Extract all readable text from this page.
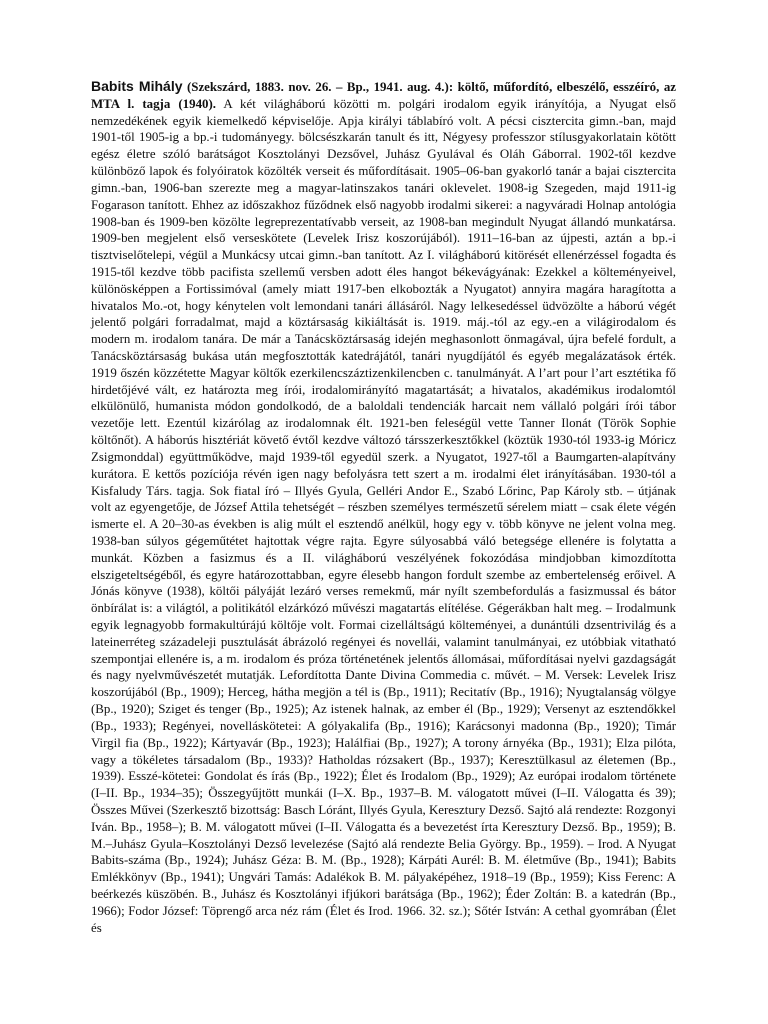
Babits Mihály (Szekszárd, 1883. nov. 26. – Bp., 1941. aug. 4.): költő, műfordító, elbeszélő, esszéíró, az MTA l. tagja (1940). A két világháború közötti m. polgári irodalom egyik irányítója, a Nyugat első nemzedékének egyik kiemelkedő képviselője. Apja királyi táblabíró volt. A pécsi cisztercita gimn.-ban, majd 1901-től 1905-ig a bp.-i tudományegy. bölcsészkarán tanult és itt, Négyesy professzor stílusgyakorlatain kötött egész életre szóló barátságot Kosztolányi Dezsővel, Juhász Gyulával és Oláh Gáborral. 1902-től kezdve különböző lapok és folyóiratok közölték verseit és műfordításait. 1905–06-ban gyakorló tanár a bajai cisztercita gimn.-ban, 1906-ban szerezte meg a magyar-latinszakos tanári oklevelet. 1908-ig Szegeden, majd 1911-ig Fogarason tanított. Ehhez az időszakhoz fűződnek első nagyobb irodalmi sikerei: a nagyváradi Holnap antológia 1908-ban és 1909-ben közölte legreprezentatívabb verseit, az 1908-ban megindult Nyugat állandó munkatársa. 1909-ben megjelent első verseskötete (Levelek Irisz koszorújából). 1911–16-ban az újpesti, aztán a bp.-i tisztviselőtelepi, végül a Munkácsy utcai gimn.-ban tanított. Az I. világháború kitörését ellenérzéssel fogadta és 1915-től kezdve több pacifista szellemű versben adott éles hangot békevágyának: Ezekkel a költeményeivel, különösképpen a Fortissimóval (amely miatt 1917-ben elkobozták a Nyugatot) annyira magára haragította a hivatalos Mo.-ot, hogy kénytelen volt lemondani tanári állásáról. Nagy lelkesedéssel üdvözölte a háború végét jelentő polgári forradalmat, majd a köztársaság kikiáltását is. 1919. máj.-tól az egy.-en a világirodalom és modern m. irodalom tanára. De már a Tanácsköztársaság idején meghasonlott önmagával, újra befelé fordult, a Tanácsköztársaság bukása után megfosztották katedrájától, tanári nyugdíjától és egyéb megalázatások érték. 1919 őszén közzétette Magyar költők ezerkilencszáztizenkilencben c. tanulmányát. A l’art pour l’art esztétika fő hirdetőjévé vált, ez határozta meg írói, irodalomirányító magatartását; a hivatalos, akadémikus irodalomtól elkülönülő, humanista módon gondolkodó, de a baloldali tendenciák harcait nem vállaló polgári írói tábor vezetője lett. Ezentúl kizárólag az irodalomnak élt. 1921-ben feleségül vette Tanner Ilonát (Török Sophie költőnőt). A háborús hisztériát követő évtől kezdve változó társszerkesztőkkel (köztük 1930-tól 1933-ig Móricz Zsigmonddal) együttműködve, majd 1939-től egyedül szerk. a Nyugatot, 1927-től a Baumgarten-alapítvány kurátora. E kettős pozíciója révén igen nagy befolyásra tett szert a m. irodalmi élet irányításában. 1930-tól a Kisfaludy Társ. tagja. Sok fiatal író – Illyés Gyula, Gelléri Andor E., Szabó Lőrinc, Pap Károly stb. – útjának volt az egyengetője, de József Attila tehetségét – részben személyes természetű sérelem miatt – csak élete végén ismerte el. A 20–30-as években is alig múlt el esztendő anélkül, hogy egy v. több könyve ne jelent volna meg. 1938-ban súlyos gégeműtétet hajtottak végre rajta. Egyre súlyosabbá váló betegsége ellenére is folytatta a munkát. Közben a fasizmus és a II. világháború veszélyének fokozódása mindjobban kimozdította elszigeteltségéből, és egyre határozottabban, egyre élesebb hangon fordult szembe az embertelenség erőivel. A Jónás könyve (1938), költői pályáját lezáró verses remekmű, már nyílt szembefordulás a fasizmussal és bátor önbírálat is: a világtól, a politikától elzárkózó művészi magatartás elítélése. Gégerákban halt meg. – Irodalmunk egyik legnagyobb formakultúrájú költője volt. Formai cizelláltságú költeményei, a dunántúli dzsentrivilág és a lateinerréteg századeleji pusztulását ábrázoló regényei és novellái, valamint tanulmányai, ez utóbbiak vitatható szempontjai ellenére is, a m. irodalom és próza történetének jelentős állomásai, műfordításai nyelvi gazdagságát és nagy nyelvművészetét mutatják. Lefordította Dante Divina Commedia c. művét. – M. Versek: Levelek Irisz koszorújából (Bp., 1909); Herceg, hátha megjön a tél is (Bp., 1911); Recitatív (Bp., 1916); Nyugtalanság völgye (Bp., 1920); Sziget és tenger (Bp., 1925); Az istenek halnak, az ember él (Bp., 1929); Versenyt az esztendőkkel (Bp., 1933); Regényei, novelláskötetei: A gólyakalifa (Bp., 1916); Karácsonyi madonna (Bp., 1920); Timár Virgil fia (Bp., 1922); Kártyavár (Bp., 1923); Halálfiai (Bp., 1927); A torony árnyéka (Bp., 1931); Elza pilóta, vagy a tökéletes társadalom (Bp., 1933)? Hatholdas rózsakert (Bp., 1937); Keresztülkasul az életemen (Bp., 1939). Esszé-kötetei: Gondolat és írás (Bp., 1922); Élet és Irodalom (Bp., 1929); Az európai irodalom története (I–II. Bp., 1934–35); Összegyűjtött munkái (I–X. Bp., 1937–B. M. válogatott művei (I–II. Válogatta és 39); Összes Művei (Szerkesztő bizottság: Basch Lóránt, Illyés Gyula, Keresztury Dezső. Sajtó alá rendezte: Rozgonyi Iván. Bp., 1958–); B. M. válogatott művei (I–II. Válogatta és a bevezetést írta Keresztury Dezső. Bp., 1959); B. M.–Juhász Gyula–Kosztolányi Dezső levelezése (Sajtó alá rendezte Belia György. Bp., 1959). – Irod. A Nyugat Babits-száma (Bp., 1924); Juhász Géza: B. M. (Bp., 1928); Kárpáti Aurél: B. M. életműve (Bp., 1941); Babits Emlékkönyv (Bp., 1941); Ungvári Tamás: Adalékok B. M. pályaképéhez, 1918–19 (Bp., 1959); Kiss Ferenc: A beérkezés küszöbén. B., Juhász és Kosztolányi ifjúkori barátsága (Bp., 1962); Éder Zoltán: B. a katedrán (Bp., 1966); Fodor József: Töprengő arca néz rám (Élet és Irod. 1966. 32. sz.); Sőtér István: A cethal gyomrában (Élet és
